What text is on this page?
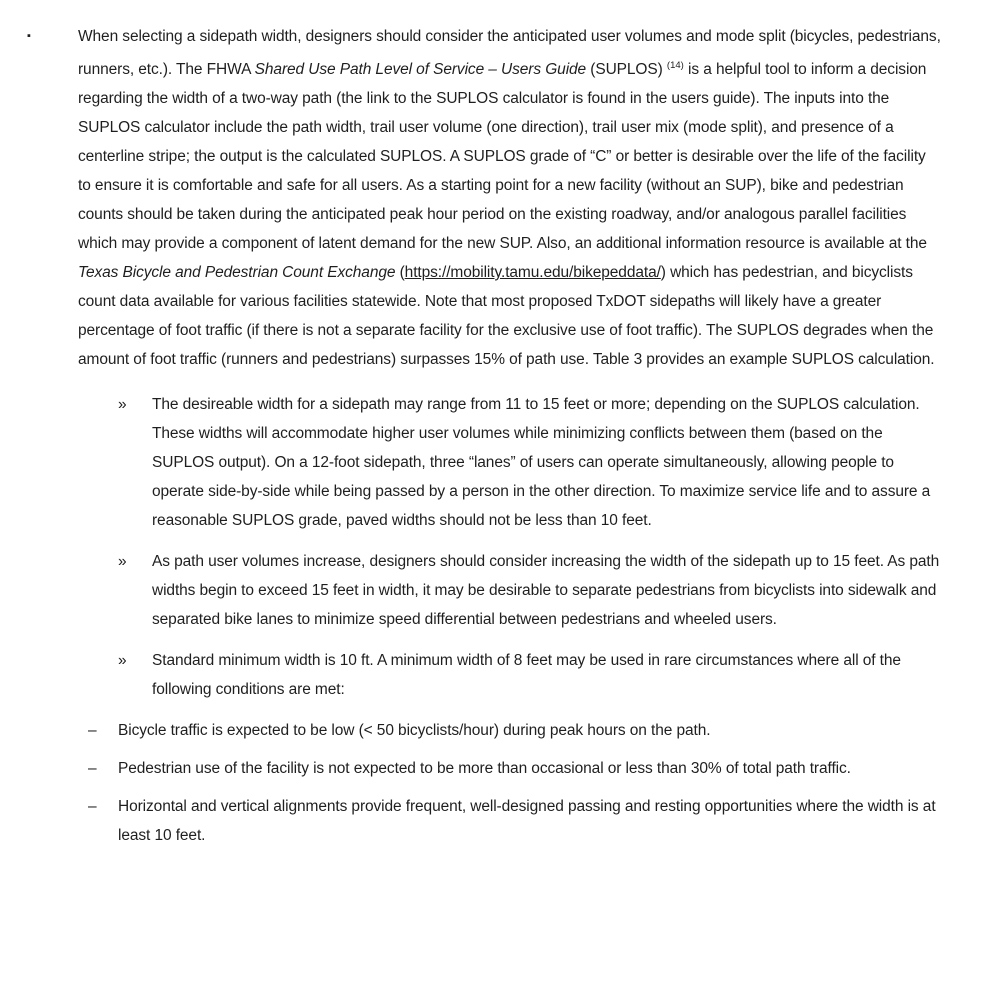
▪	When selecting a sidepath width, designers should consider the anticipated user volumes and mode split (bicycles, pedestrians, runners, etc.). The FHWA Shared Use Path Level of Service – Users Guide (SUPLOS) $^{(14)}$ is a helpful tool to inform a decision regarding the width of a two-way path (the link to the SUPLOS calculator is found in the users guide). The inputs into the SUPLOS calculator include the path width, trail user volume (one direction), trail user mix (mode split), and presence of a centerline stripe; the output is the calculated SUPLOS. A SUPLOS grade of “C” or better is desirable over the life of the facility to ensure it is comfortable and safe for all users. As a starting point for a new facility (without an SUP), bike and pedestrian counts should be taken during the anticipated peak hour period on the existing roadway, and/or analogous parallel facilities which may provide a component of latent demand for the new SUP. Also, an additional information resource is available at the Texas Bicycle and Pedestrian Count Exchange (https://mobility.tamu.edu/bikepeddata/) which has pedestrian, and bicyclists count data available for various facilities statewide. Note that most proposed TxDOT sidepaths will likely have a greater percentage of foot traffic (if there is not a separate facility for the exclusive use of foot traffic). The SUPLOS degrades when the amount of foot traffic (runners and pedestrians) surpasses 15% of path use. Table 3 provides an example SUPLOS calculation.

» The desireable width for a sidepath may range from 11 to 15 feet or more; depending on the SUPLOS calculation. These widths will accommodate higher user volumes while minimizing conflicts between them (based on the SUPLOS output). On a 12-foot sidepath, three “lanes” of users can operate simultaneously, allowing people to operate side-by-side while being passed by a person in the other direction. To maximize service life and to assure a reasonable SUPLOS grade, paved widths should not be less than 10 feet.

» As path user volumes increase, designers should consider increasing the width of the sidepath up to 15 feet. As path widths begin to exceed 15 feet in width, it may be desirable to separate pedestrians from bicyclists into sidewalk and separated bike lanes to minimize speed differential between pedestrians and wheeled users.

» Standard minimum width is 10 ft. A minimum width of 8 feet may be used in rare circumstances where all of the following conditions are met:

– Bicycle traffic is expected to be low (< 50 bicyclists/hour) during peak hours on the path.

– Pedestrian use of the facility is not expected to be more than occasional or less than 30% of total path traffic.

– Horizontal and vertical alignments provide frequent, well-designed passing and resting opportunities where the width is at least 10 feet.
